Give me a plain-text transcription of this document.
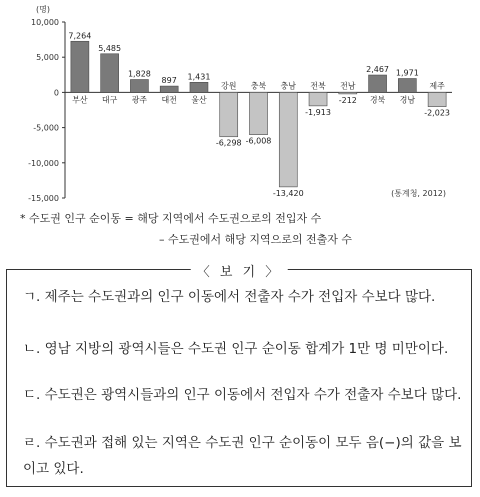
(명)
10,000
5,000
0
-5,000
-10,000
-15,000
부산 대구 광주 대전 울산
강원 충북 충남 전북 전남
경북 경남
제주
7,264
5,485
1,828
897 1,431
-6,298 -6,008
-13,420
-1,913
-212
2,467 1,971
-2,023
(통계청, 2012)
* 수도권 인구 순이동 = 해당 지역에서 수도권으로의 전입자 수
– 수도권에서 해당 지역으로의 전출자 수
〈 보 기 〉
ㄱ. 제주는 수도권과의 인구 이동에서 전출자 수가 전입자 수보다 많다.
ㄴ. 영남 지방의 광역시들은 수도권 인구 순이동 합계가 1만 명 미만이다.
ㄷ. 수도권은 광역시들과의 인구 이동에서 전입자 수가 전출자 수보다 많다.
ㄹ. 수도권과 접해 있는 지역은 수도권 인구 순이동이 모두 음(−)의 값을 보이고 있다.
